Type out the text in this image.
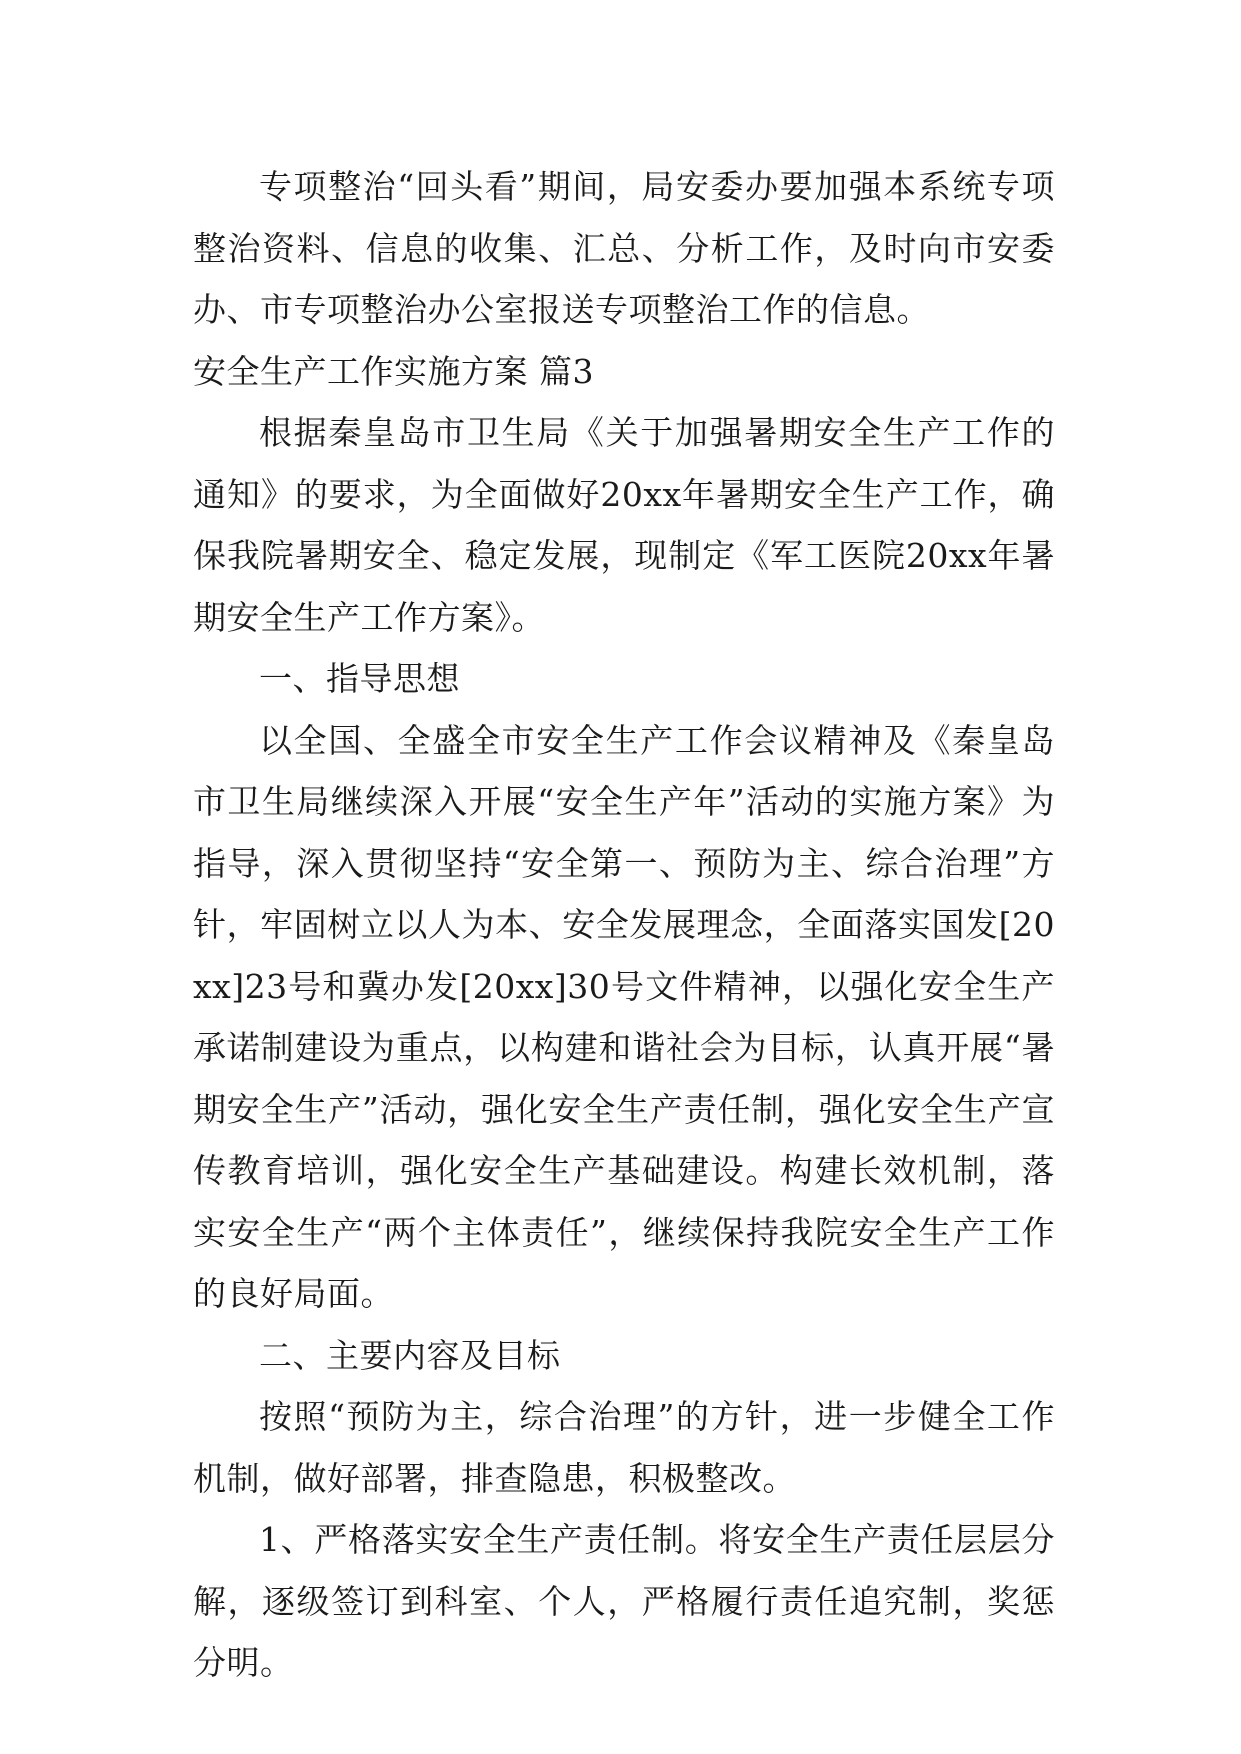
专项整治“回头看”期间，局安委办要加强本系统专项整治资料、信息的收集、汇总、分析工作，及时向市安委办、市专项整治办公室报送专项整治工作的信息。

安全生产工作实施方案 篇3

根据秦皇岛市卫生局《关于加强暑期安全生产工作的通知》的要求，为全面做好20xx年暑期安全生产工作，确保我院暑期安全、稳定发展，现制定《军工医院20xx年暑期安全生产工作方案》。

一、指导思想

以全国、全盛全市安全生产工作会议精神及《秦皇岛市卫生局继续深入开展“安全生产年”活动的实施方案》为指导，深入贯彻坚持“安全第一、预防为主、综合治理”方针，牢固树立以人为本、安全发展理念，全面落实国发[20xx]23号和冀办发[20xx]30号文件精神，以强化安全生产承诺制建设为重点，以构建和谐社会为目标，认真开展“暑期安全生产”活动，强化安全生产责任制，强化安全生产宣传教育培训，强化安全生产基础建设。构建长效机制，落实安全生产“两个主体责任”，继续保持我院安全生产工作的良好局面。

二、主要内容及目标

按照“预防为主，综合治理”的方针，进一步健全工作机制，做好部署，排查隐患，积极整改。

1、严格落实安全生产责任制。将安全生产责任层层分解，逐级签订到科室、个人，严格履行责任追究制，奖惩分明。
